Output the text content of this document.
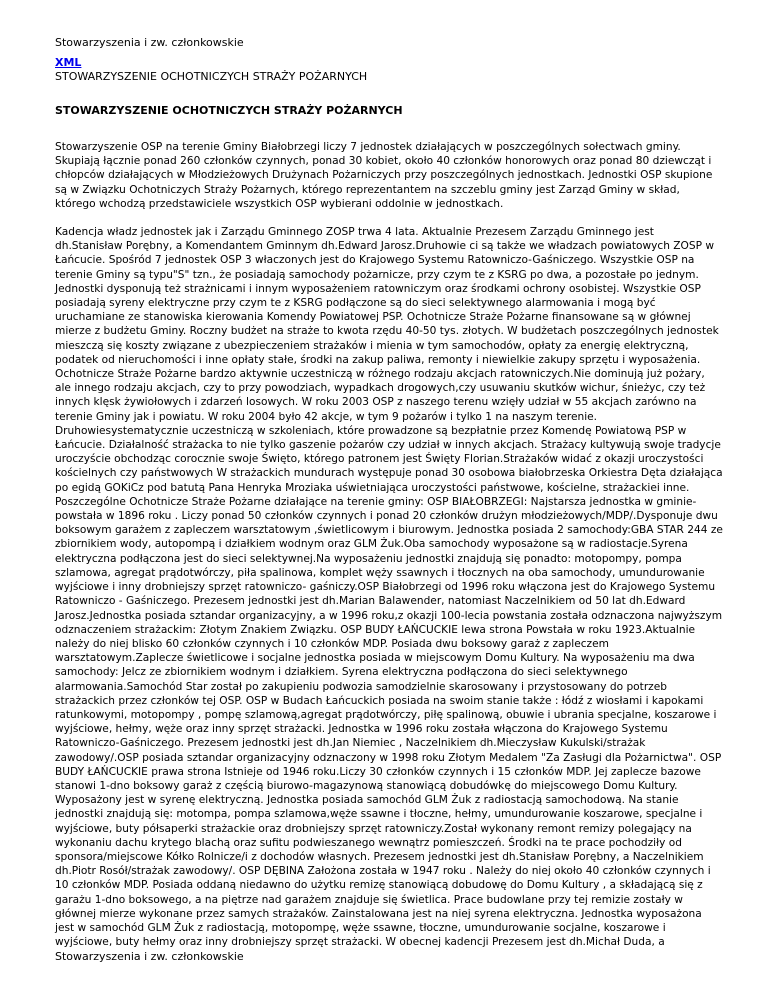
Stowarzyszenia i zw. członkowskie

XML

STOWARZYSZENIE OCHOTNICZYCH STRAŻY POŻARNYCH

STOWARZYSZENIE OCHOTNICZYCH STRAŻY POŻARNYCH

Stowarzyszenie OSP na terenie Gminy Białobrzegi liczy 7 jednostek działających w poszczególnych sołectwach gminy. Skupiają łącznie ponad 260 członków czynnych, ponad 30 kobiet, około 40 członków honorowych oraz ponad 80 dziewcząt i chłopców działających w Młodzieżowych Drużynach Pożarniczych przy poszczególnych jednostkach. Jednostki OSP skupione są w Związku Ochotniczych Straży Pożarnych, którego reprezentantem na szczeblu gminy jest Zarząd Gminy w skład, którego wchodzą przedstawiciele wszystkich OSP wybierani oddolnie w jednostkach.

Kadencja władz jednostek jak i Zarządu Gminnego ZOSP trwa 4 lata. Aktualnie Prezesem Zarządu Gminnego jest dh.Stanisław Porębny, a Komendantem Gminnym dh.Edward Jarosz.Druhowie ci są także we władzach powiatowych ZOSP w Łańcucie. Spośród 7 jednostek OSP 3 właczonych jest do Krajowego Systemu Ratowniczo-Gaśniczego. Wszystkie OSP na terenie Gminy są typu"S" tzn., że posiadają samochody pożarnicze, przy czym te z KSRG po dwa, a pozostałe po jednym. Jednostki dysponują też strażnicami i innym wyposażeniem ratowniczym oraz środkami ochrony osobistej. Wszystkie OSP posiadają syreny elektryczne przy czym te z KSRG podłączone są do sieci selektywnego alarmowania i mogą być uruchamiane ze stanowiska kierowania Komendy Powiatowej PSP. Ochotnicze Straże Pożarne finansowane są w głównej mierze z budżetu Gminy. Roczny budżet na straże to kwota rzędu 40-50 tys. złotych. W budżetach poszczególnych jednostek mieszczą się koszty związane z ubezpieczeniem strażaków i mienia w tym samochodów, opłaty za energię elektryczną, podatek od nieruchomości i inne opłaty stałe, środki na zakup paliwa, remonty i niewielkie zakupy sprzętu i wyposażenia. Ochotnicze Straże Pożarne bardzo aktywnie uczestniczą w różnego rodzaju akcjach ratowniczych.Nie dominują już pożary, ale innego rodzaju akcjach, czy to przy powodziach, wypadkach drogowych,czy usuwaniu skutków wichur, śnieżyc, czy też innych klęsk żywiołowych i zdarzeń losowych. W roku 2003 OSP z naszego terenu wzięły udział w 55 akcjach zarówno na terenie Gminy jak i powiatu. W roku 2004 było 42 akcje, w tym 9 pożarów i tylko 1 na naszym terenie. Druhowiesystematycznie uczestniczą w szkoleniach, które prowadzone są bezpłatnie przez Komendę Powiatową PSP w Łańcucie. Działalność strażacka to nie tylko gaszenie pożarów czy udział w innych akcjach. Strażacy kultywują swoje tradycje uroczyście obchodząc corocznie swoje Święto, którego patronem jest Święty Florian.Strażaków widać z okazji uroczystości kościelnych czy państwowych W strażackich mundurach występuje ponad 30 osobowa białobrzeska Orkiestra Dęta działająca po egidą GOKiCz pod batutą Pana Henryka Mroziaka uświetniająca uroczystości państwowe, kościelne, strażackiei inne. Poszczególne Ochotnicze Straże Pożarne działające na terenie gminy: OSP BIAŁOBRZEGI: Najstarsza jednostka w gminie- powstała w 1896 roku . Liczy ponad 50 członków czynnych i ponad 20 członków drużyn młodzieżowych/MDP/.Dysponuje dwu boksowym garażem z zapleczem warsztatowym ,świetlicowym i biurowym. Jednostka posiada 2 samochody:GBA STAR 244 ze zbiornikiem wody, autopompą i działkiem wodnym oraz GLM Żuk.Oba samochody wyposażone są w radiostacje.Syrena elektryczna podłączona jest do sieci selektywnej.Na wyposażeniu jednostki znajdują się ponadto: motopompy, pompa szlamowa, agregat prądotwórczy, piła spalinowa, komplet węży ssawnych i tłocznych na oba samochody, umundurowanie wyjściowe i inny drobniejszy sprzęt ratowniczo- gaśniczy.OSP Białobrzegi od 1996 roku włączona jest do Krajowego Systemu Ratowniczo - Gaśniczego. Prezesem jednostki jest dh.Marian Balawender, natomiast Naczelnikiem od 50 lat dh.Edward Jarosz.Jednostka posiada sztandar organizacyjny, a w 1996 roku,z okazji 100-lecia powstania została odznaczona najwyższym odznaczeniem strażackim: Złotym Znakiem Związku. OSP BUDY ŁAŃCUCKIE lewa strona Powstała w roku 1923.Aktualnie należy do niej blisko 60 członków czynnych i 10 członków MDP. Posiada dwu boksowy garaż z zapleczem warsztatowym.Zaplecze świetlicowe i socjalne jednostka posiada w miejscowym Domu Kultury. Na wyposażeniu ma dwa samochody: Jelcz ze zbiornikiem wodnym i działkiem. Syrena elektryczna podłączona do sieci selektywnego alarmowania.Samochód Star został po zakupieniu podwozia samodzielnie skarosowany i przystosowany do potrzeb strażackich przez członków tej OSP. OSP w Budach Łańcuckich posiada na swoim stanie także : łódź z wiosłami i kapokami ratunkowymi, motopompy , pompę szlamową,agregat prądotwórczy, piłę spalinową, obuwie i ubrania specjalne, koszarowe i wyjściowe, hełmy, węże oraz inny sprzęt strażacki. Jednostka w 1996 roku została włączona do Krajowego Systemu Ratowniczo-Gaśniczego. Prezesem jednostki jest dh.Jan Niemiec , Naczelnikiem dh.Mieczysław Kukulski/strażak zawodowy/.OSP posiada sztandar organizacyjny odznaczony w 1998 roku Złotym Medalem "Za Zasługi dla Pożarnictwa". OSP BUDY ŁAŃCUCKIE prawa strona Istnieje od 1946 roku.Liczy 30 członków czynnych i 15 członków MDP. Jej zaplecze bazowe stanowi 1-dno boksowy garaż z częścią biurowo-magazynową stanowiącą dobudówkę do miejscowego Domu Kultury. Wyposażony jest w syrenę elektryczną. Jednostka posiada samochód GLM Żuk z radiostacją samochodową. Na stanie jednostki znajdują się: motompa, pompa szlamowa,węże ssawne i tłoczne, hełmy, umundurowanie koszarowe, specjalne i wyjściowe, buty półsaperki strażackie oraz drobniejszy sprzęt ratowniczy.Został wykonany remont remizy polegający na wykonaniu dachu krytego blachą oraz sufitu podwieszanego wewnątrz pomieszczeń. Środki na te prace pochodziły od sponsora/miejscowe Kółko Rolnicze/i z dochodów własnych. Prezesem jednostki jest dh.Stanisław Porębny, a Naczelnikiem dh.Piotr Rosół/strażak zawodowy/. OSP DĘBINA Założona została w 1947 roku . Należy do niej około 40 członków czynnych i 10 członków MDP. Posiada oddaną niedawno do użytku remizę stanowiącą dobudowę do Domu Kultury , a składającą się z garażu 1-dno boksowego, a na piętrze nad garażem znajduje się świetlica. Prace budowlane przy tej remizie zostały w głównej mierze wykonane przez samych strażaków. Zainstalowana jest na niej syrena elektryczna. Jednostka wyposażona jest w samochód GLM Żuk z radiostacją, motopompę, węże ssawne, tłoczne, umundurowanie socjalne, koszarowe i wyjściowe, buty hełmy oraz inny drobniejszy sprzęt strażacki. W obecnej kadencji Prezesem jest dh.Michał Duda, a

Stowarzyszenia i zw. członkowskie
